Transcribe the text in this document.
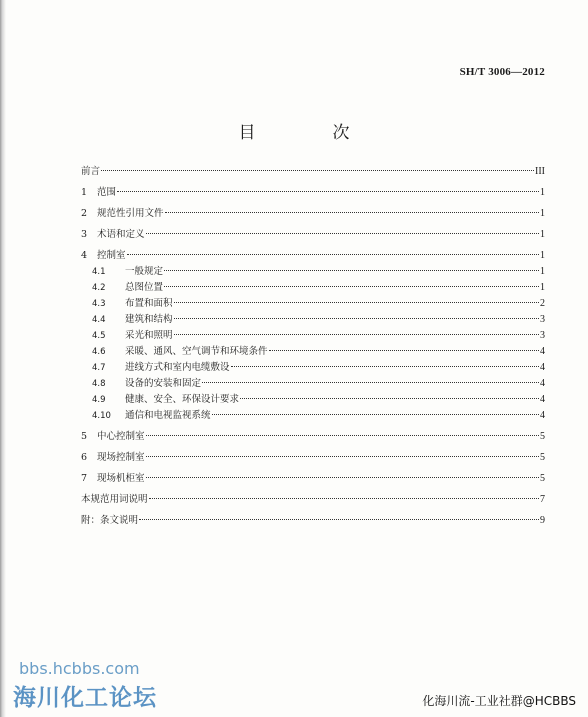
SH/T 3006—2012
目　次
前言	III
1 范围	1
2 规范性引用文件	1
3 术语和定义	1
4 控制室	1
4.1	一般规定	1
4.2	总图位置	1
4.3	布置和面积	2
4.4	建筑和结构	3
4.5	采光和照明	3
4.6	采暖、通风、空气调节和环境条件	4
4.7	进线方式和室内电缆敷设	4
4.8	设备的安装和固定	4
4.9	健康、安全、环保设计要求	4
4.10	通信和电视监视系统	4
5 中心控制室	5
6 现场控制室	5
7 现场机柜室	5
本规范用词说明	7
附：条文说明	9
bbs.hcbbs.com
海川化工论坛	化海川流-工业社群@HCBBS
